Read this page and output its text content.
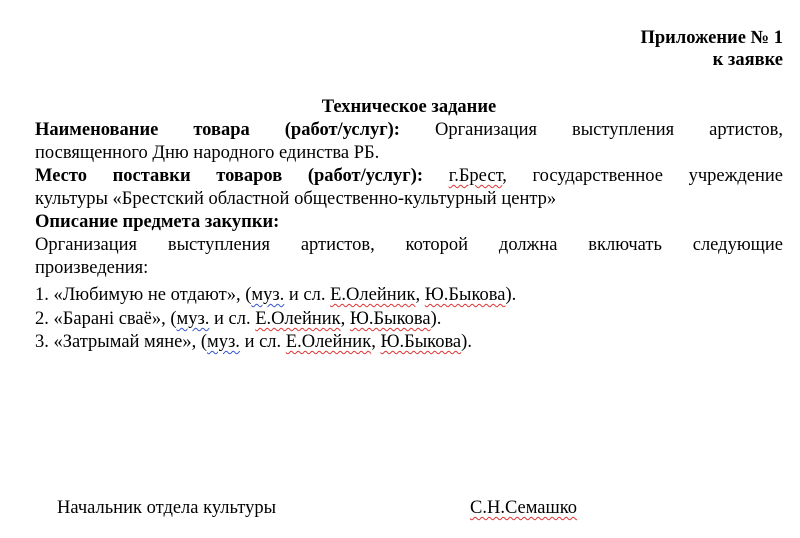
Приложение № 1
к заявке
Техническое задание
Наименование товара (работ/услуг): Организация выступления артистов,
посвященного Дню народного единства РБ.
Место поставки товаров (работ/услуг): г.Брест, государственное учреждение
культуры «Брестский областной общественно-культурный центр»
Описание предмета закупки:
Организация выступления артистов, которой должна включать следующие
произведения:
1. «Любимую не отдают», (муз. и сл. Е.Олейник, Ю.Быкова).
2. «Баранi сваё», (муз. и сл. Е.Олейник, Ю.Быкова).
3. «Затрымай мяне», (муз. и сл. Е.Олейник, Ю.Быкова).
Начальник отдела культуры	С.Н.Семашко
